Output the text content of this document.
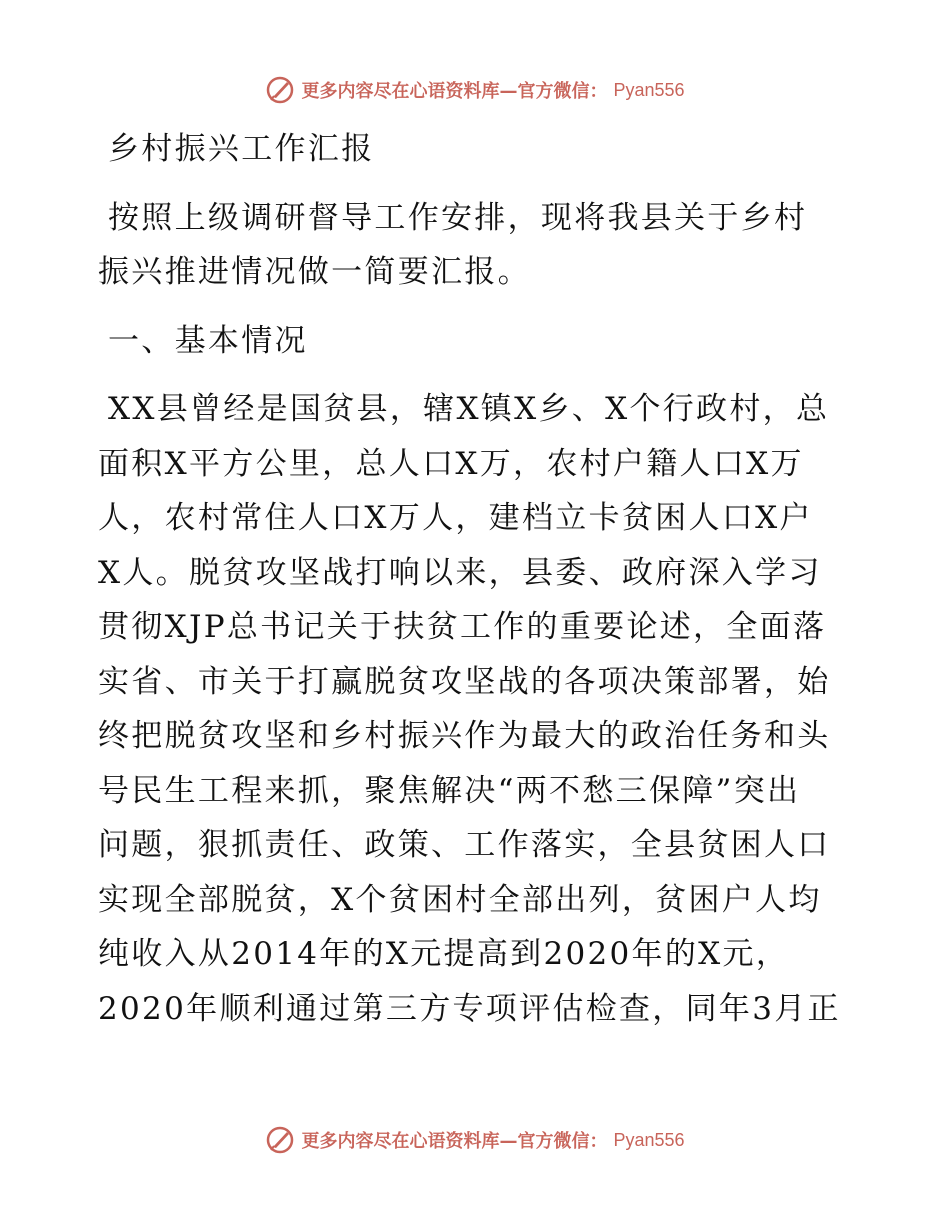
更多内容尽在心语资料库—官方微信： Pyan556
乡村振兴工作汇报
按照上级调研督导工作安排，现将我县关于乡村
振兴推进情况做一简要汇报。
一、基本情况
XX县曾经是国贫县，辖X镇X乡、X个行政村，总
面积X平方公里，总人口X万，农村户籍人口X万
人，农村常住人口X万人，建档立卡贫困人口X户
X人。脱贫攻坚战打响以来，县委、政府深入学习
贯彻XJP总书记关于扶贫工作的重要论述，全面落
实省、市关于打赢脱贫攻坚战的各项决策部署，始
终把脱贫攻坚和乡村振兴作为最大的政治任务和头
号民生工程来抓，聚焦解决“两不愁三保障”突出
问题，狠抓责任、政策、工作落实，全县贫困人口
实现全部脱贫，X个贫困村全部出列，贫困户人均
纯收入从2014年的X元提高到2020年的X元，
2020年顺利通过第三方专项评估检查，同年3月正
更多内容尽在心语资料库—官方微信： Pyan556
